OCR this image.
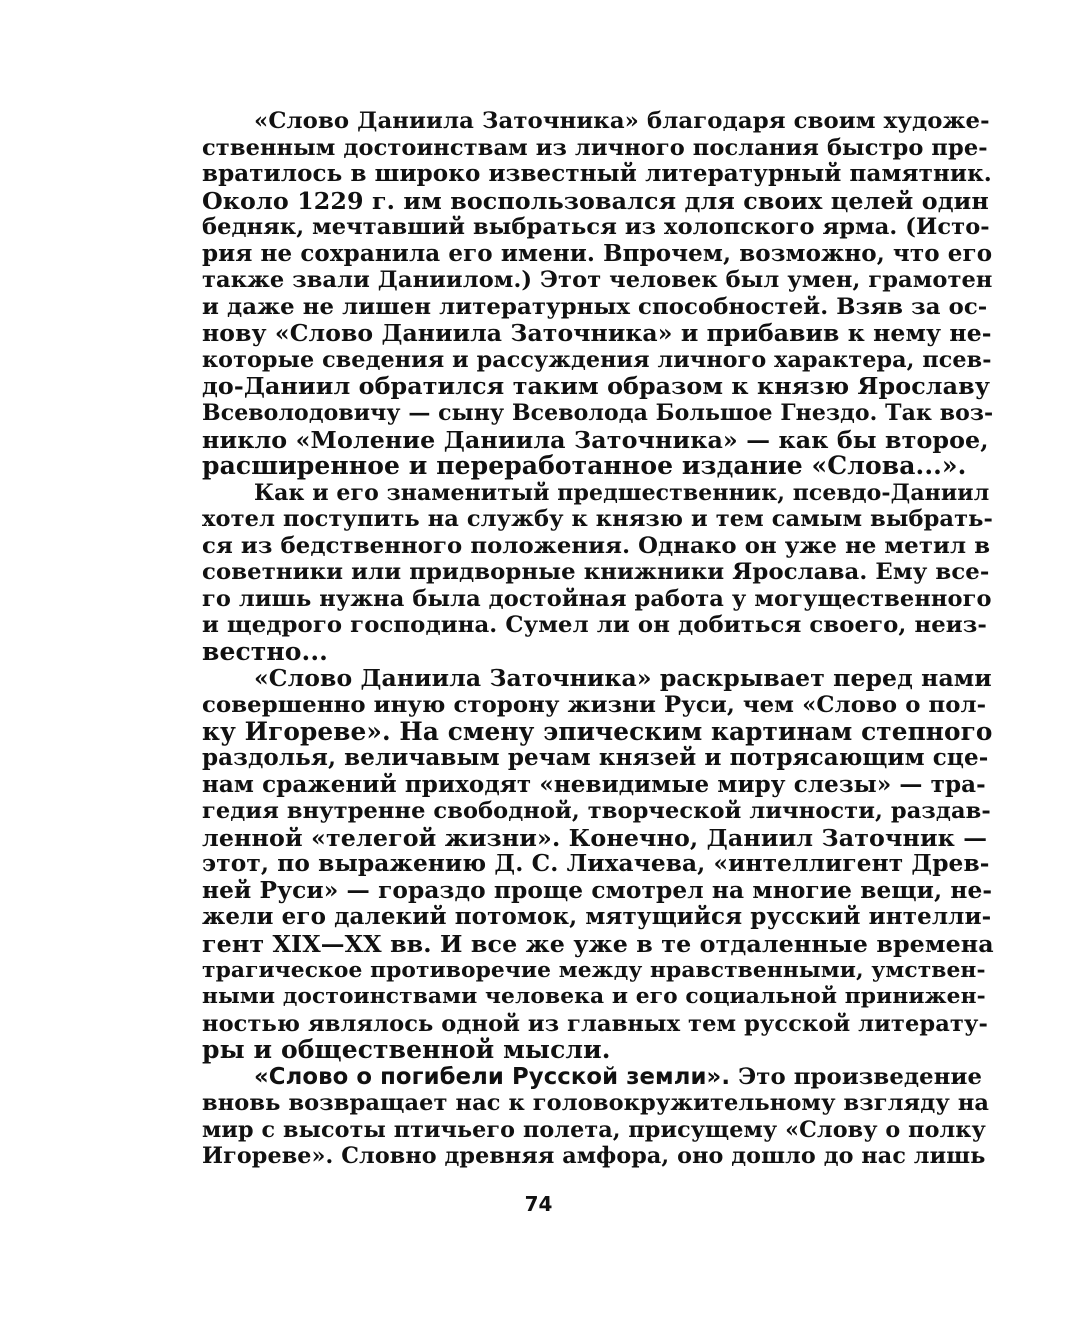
«Слово Даниила Заточника» благодаря своим художе-
ственным достоинствам из личного послания быстро пре-
вратилось в широко известный литературный памятник.
Около 1229 г. им воспользовался для своих целей один
бедняк, мечтавший выбраться из холопского ярма. (Исто-
рия не сохранила его имени. Впрочем, возможно, что его
также звали Даниилом.) Этот человек был умен, грамотен
и даже не лишен литературных способностей. Взяв за ос-
нову «Слово Даниила Заточника» и прибавив к нему не-
которые сведения и рассуждения личного характера, псев-
до-Даниил обратился таким образом к князю Ярославу
Всеволодовичу — сыну Всеволода Большое Гнездо. Так воз-
никло «Моление Даниила Заточника» — как бы второе,
расширенное и переработанное издание «Слова...».
Как и его знаменитый предшественник, псевдо-Даниил
хотел поступить на службу к князю и тем самым выбрать-
ся из бедственного положения. Однако он уже не метил в
советники или придворные книжники Ярослава. Ему все-
го лишь нужна была достойная работа у могущественного
и щедрого господина. Сумел ли он добиться своего, неиз-
вестно...
«Слово Даниила Заточника» раскрывает перед нами
совершенно иную сторону жизни Руси, чем «Слово о пол-
ку Игореве». На смену эпическим картинам степного
раздолья, величавым речам князей и потрясающим сце-
нам сражений приходят «невидимые миру слезы» — тра-
гедия внутренне свободной, творческой личности, раздав-
ленной «телегой жизни». Конечно, Даниил Заточник —
этот, по выражению Д. С. Лихачева, «интеллигент Древ-
ней Руси» — гораздо проще смотрел на многие вещи, не-
жели его далекий потомок, мятущийся русский интелли-
гент XIX—XX вв. И все же уже в те отдаленные времена
трагическое противоречие между нравственными, умствен-
ными достоинствами человека и его социальной принижен-
ностью являлось одной из главных тем русской литерату-
ры и общественной мысли.
«Слово о погибели Русской земли». Это произведение
вновь возвращает нас к головокружительному взгляду на
мир с высоты птичьего полета, присущему «Слову о полку
Игореве». Словно древняя амфора, оно дошло до нас лишь
74
